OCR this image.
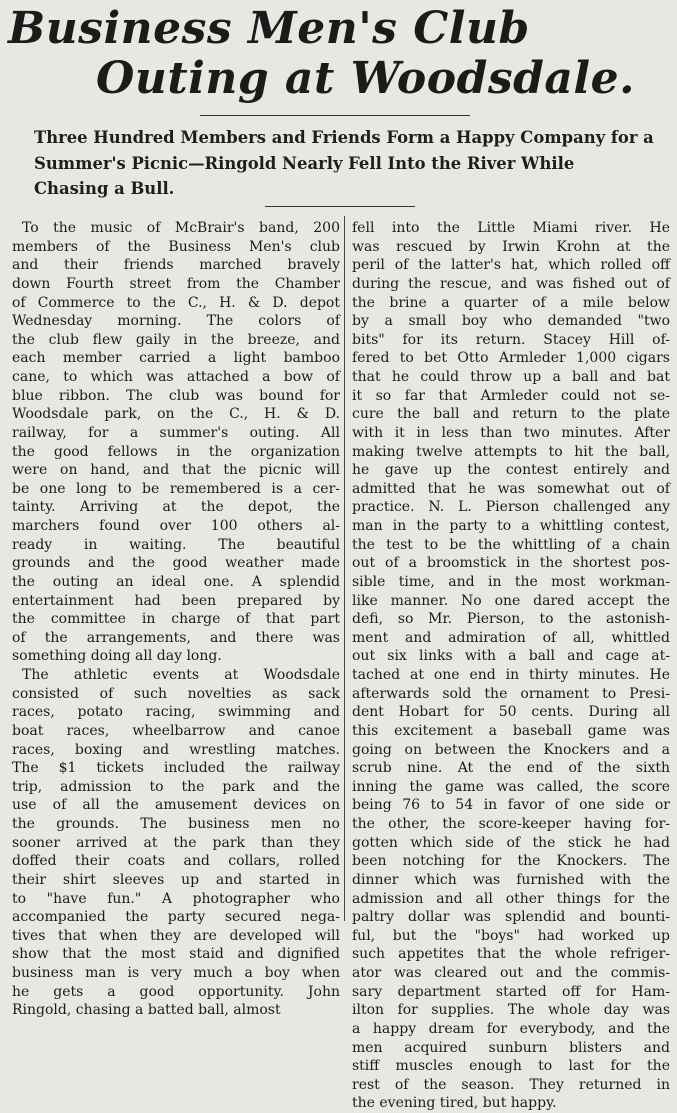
Business Men's Club
Outing at Woodsdale.
Three Hundred Members and Friends Form a Happy Company for a Summer's Picnic—Ringold Nearly Fell Into the River While Chasing a Bull.
To the music of McBrair's band, 200
members of the Business Men's club
and their friends marched bravely
down Fourth street from the Chamber
of Commerce to the C., H. & D. depot
Wednesday morning. The colors of
the club flew gaily in the breeze, and
each member carried a light bamboo
cane, to which was attached a bow of
blue ribbon. The club was bound for
Woodsdale park, on the C., H. & D.
railway, for a summer's outing. All
the good fellows in the organization
were on hand, and that the picnic will
be one long to be remembered is a cer-
tainty. Arriving at the depot, the
marchers found over 100 others al-
ready in waiting. The beautiful
grounds and the good weather made
the outing an ideal one. A splendid
entertainment had been prepared by
the committee in charge of that part
of the arrangements, and there was
something doing all day long.
The athletic events at Woodsdale
consisted of such novelties as sack
races, potato racing, swimming and
boat races, wheelbarrow and canoe
races, boxing and wrestling matches.
The $1 tickets included the railway
trip, admission to the park and the
use of all the amusement devices on
the grounds. The business men no
sooner arrived at the park than they
doffed their coats and collars, rolled
their shirt sleeves up and started in
to "have fun." A photographer who
accompanied the party secured nega-
tives that when they are developed will
show that the most staid and dignified
business man is very much a boy when
he gets a good opportunity. John
Ringold, chasing a batted ball, almost
fell into the Little Miami river. He
was rescued by Irwin Krohn at the
peril of the latter's hat, which rolled off
during the rescue, and was fished out of
the brine a quarter of a mile below
by a small boy who demanded "two
bits" for its return. Stacey Hill of-
fered to bet Otto Armleder 1,000 cigars
that he could throw up a ball and bat
it so far that Armleder could not se-
cure the ball and return to the plate
with it in less than two minutes. After
making twelve attempts to hit the ball,
he gave up the contest entirely and
admitted that he was somewhat out of
practice. N. L. Pierson challenged any
man in the party to a whittling contest,
the test to be the whittling of a chain
out of a broomstick in the shortest pos-
sible time, and in the most workman-
like manner. No one dared accept the
defi, so Mr. Pierson, to the astonish-
ment and admiration of all, whittled
out six links with a ball and cage at-
tached at one end in thirty minutes. He
afterwards sold the ornament to Presi-
dent Hobart for 50 cents. During all
this excitement a baseball game was
going on between the Knockers and a
scrub nine. At the end of the sixth
inning the game was called, the score
being 76 to 54 in favor of one side or
the other, the score-keeper having for-
gotten which side of the stick he had
been notching for the Knockers. The
dinner which was furnished with the
admission and all other things for the
paltry dollar was splendid and bounti-
ful, but the "boys" had worked up
such appetites that the whole refriger-
ator was cleared out and the commis-
sary department started off for Ham-
ilton for supplies. The whole day was
a happy dream for everybody, and the
men acquired sunburn blisters and
stiff muscles enough to last for the
rest of the season. They returned in
the evening tired, but happy.
